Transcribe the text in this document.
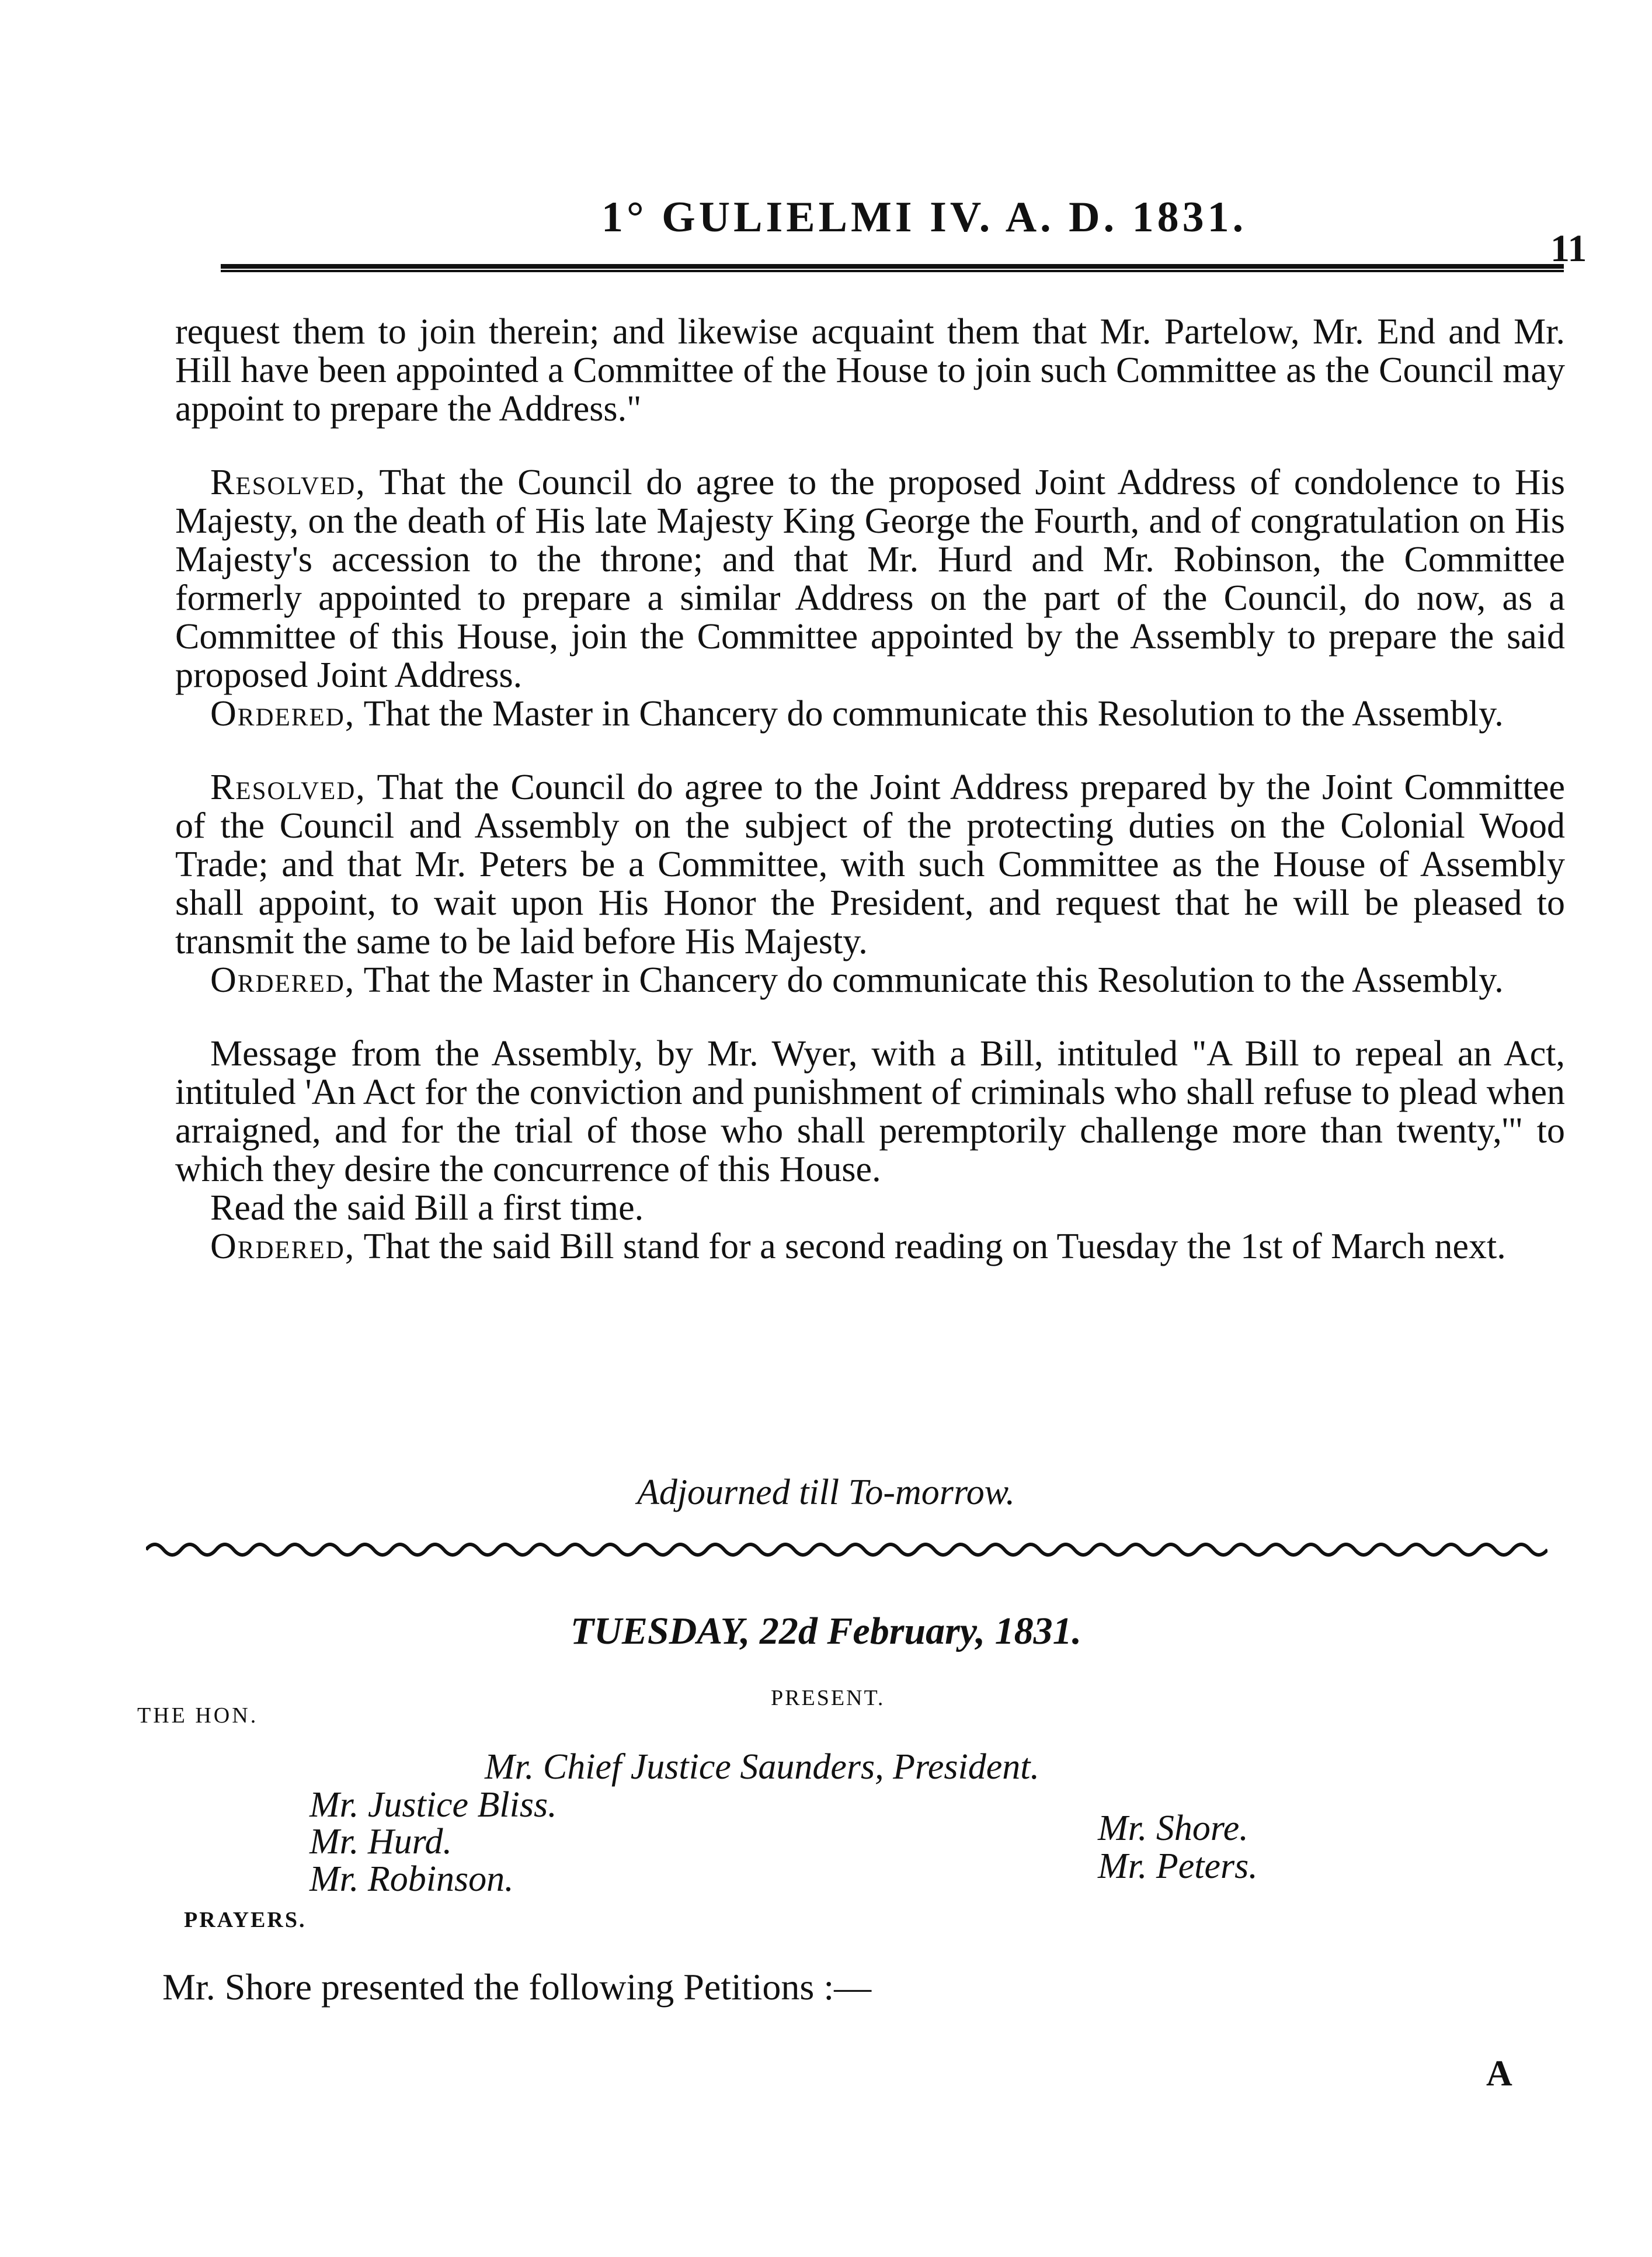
1° GULIELMI IV. A. D. 1831.
11

request them to join therein; and likewise acquaint them that Mr. Partelow, Mr. End and Mr. Hill have been appointed a Committee of the House to join such Committee as the Council may appoint to prepare the Address."

Resolved, That the Council do agree to the proposed Joint Address of condolence to His Majesty, on the death of His late Majesty King George the Fourth, and of congratulation on His Majesty's accession to the throne; and that Mr. Hurd and Mr. Robinson, the Committee formerly appointed to prepare a similar Address on the part of the Council, do now, as a Committee of this House, join the Committee appointed by the Assembly to prepare the said proposed Joint Address.

Ordered, That the Master in Chancery do communicate this Resolution to the Assembly.

Resolved, That the Council do agree to the Joint Address prepared by the Joint Committee of the Council and Assembly on the subject of the protecting duties on the Colonial Wood Trade; and that Mr. Peters be a Committee, with such Committee as the House of Assembly shall appoint, to wait upon His Honor the President, and request that he will be pleased to transmit the same to be laid before His Majesty.

Ordered, That the Master in Chancery do communicate this Resolution to the Assembly.

Message from the Assembly, by Mr. Wyer, with a Bill, intituled "A Bill to repeal an Act, intituled 'An Act for the conviction and punishment of criminals who shall refuse to plead when arraigned, and for the trial of those who shall peremptorily challenge more than twenty,'" to which they desire the concurrence of this House.

Read the said Bill a first time.

Ordered, That the said Bill stand for a second reading on Tuesday the 1st of March next.

Adjourned till To-morrow.
TUESDAY, 22d February, 1831.
PRESENT.
THE HON.
Mr. Chief Justice Saunders, President.
Mr. Justice Bliss.
Mr. Hurd.
Mr. Robinson.
Mr. Shore.
Mr. Peters.
PRAYERS.
Mr. Shore presented the following Petitions :—
A
